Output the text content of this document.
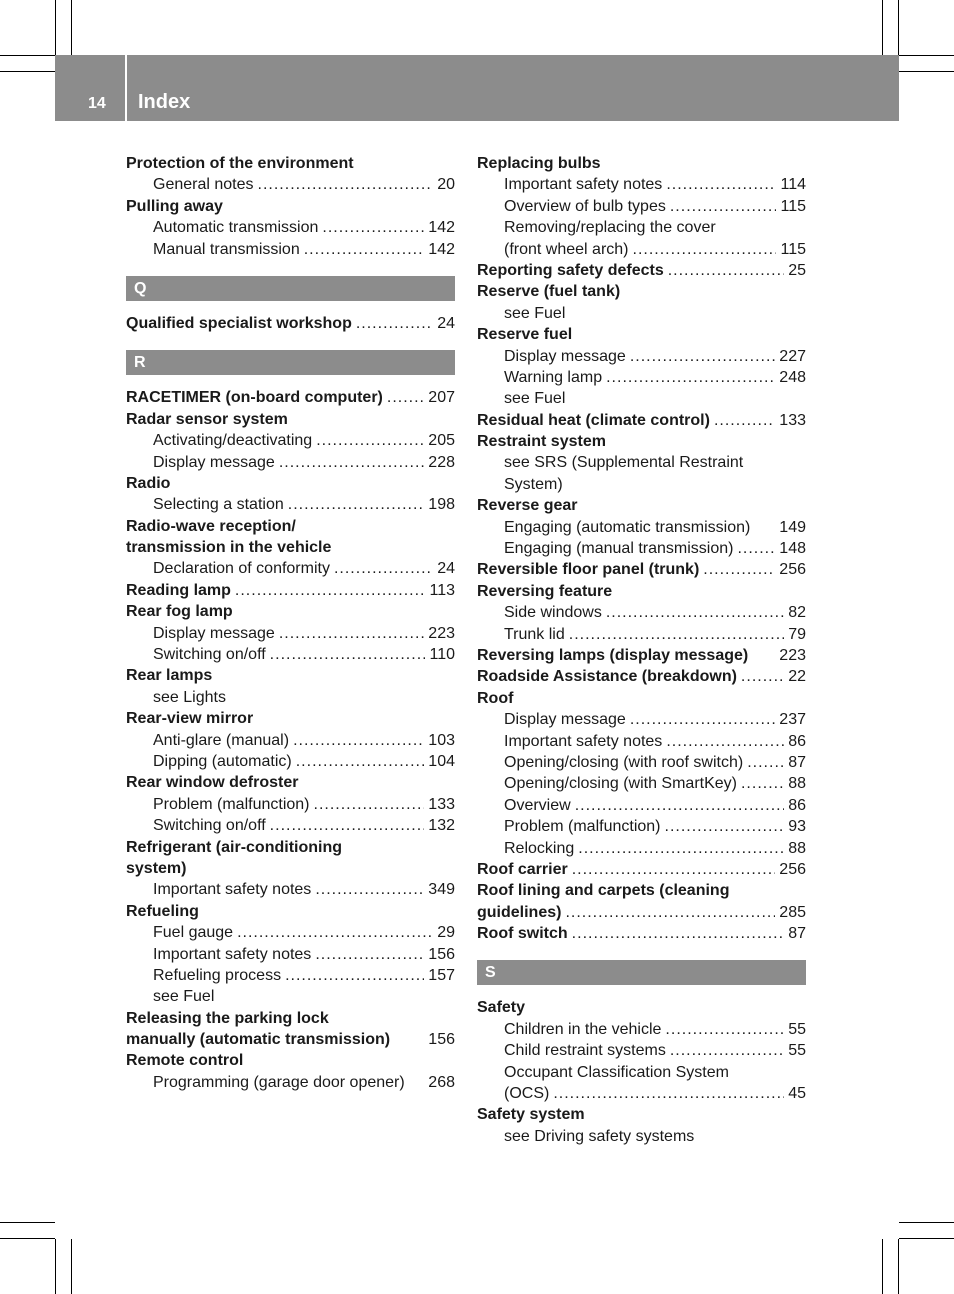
14 Index
Protection of the environment
General notes .....	20
Pulling away
Automatic transmission .....	142
Manual transmission .....	142
Q
Qualified specialist workshop .....	24
R
RACETIMER (on-board computer) .....	207
Radar sensor system
Activating/deactivating .....	205
Display message .....	228
Radio
Selecting a station .....	198
Radio-wave reception/
transmission in the vehicle
Declaration of conformity .....	24
Reading lamp .....	113
Rear fog lamp
Display message .....	223
Switching on/off .....	110
Rear lamps
see Lights
Rear-view mirror
Anti-glare (manual) .....	103
Dipping (automatic) .....	104
Rear window defroster
Problem (malfunction) .....	133
Switching on/off .....	132
Refrigerant (air-conditioning
system)
Important safety notes .....	349
Refueling
Fuel gauge .....	29
Important safety notes .....	156
Refueling process .....	157
see Fuel
Releasing the parking lock
manually (automatic transmission) 156
Remote control
Programming (garage door opener) 268
Replacing bulbs
Important safety notes .....	114
Overview of bulb types .....	115
Removing/replacing the cover
(front wheel arch) .....	115
Reporting safety defects .....	25
Reserve (fuel tank)
see Fuel
Reserve fuel
Display message .....	227
Warning lamp .....	248
see Fuel
Residual heat (climate control) .....	133
Restraint system
see SRS (Supplemental Restraint
System)
Reverse gear
Engaging (automatic transmission) 149
Engaging (manual transmission) .....	148
Reversible floor panel (trunk) .....	256
Reversing feature
Side windows .....	82
Trunk lid .....	79
Reversing lamps (display message) 223
Roadside Assistance (breakdown) .....	22
Roof
Display message .....	237
Important safety notes .....	86
Opening/closing (with roof switch) .....	87
Opening/closing (with SmartKey) .....	88
Overview .....	86
Problem (malfunction) .....	93
Relocking .....	88
Roof carrier .....	256
Roof lining and carpets (cleaning
guidelines) .....	285
Roof switch .....	87
S
Safety
Children in the vehicle .....	55
Child restraint systems .....	55
Occupant Classification System
(OCS) .....	45
Safety system
see Driving safety systems
